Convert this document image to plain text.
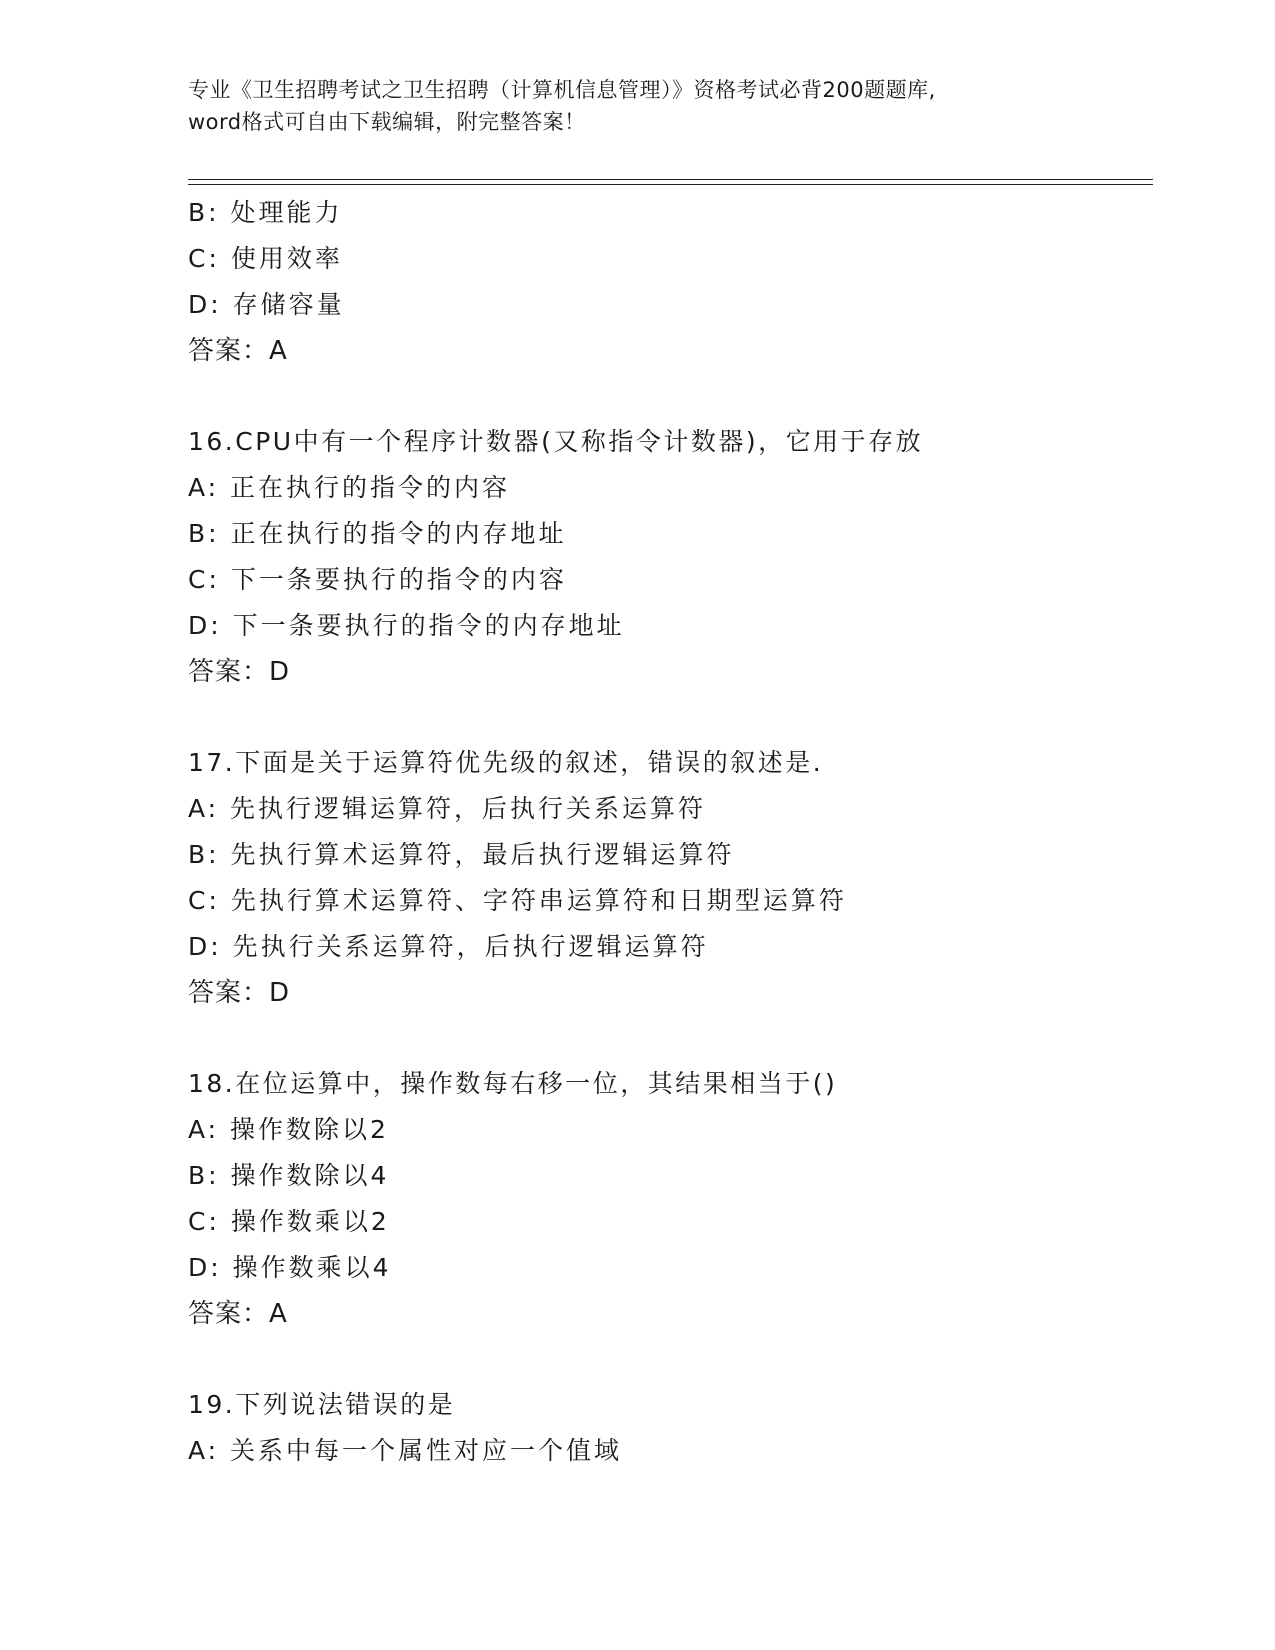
专业《卫生招聘考试之卫生招聘（计算机信息管理）》资格考试必背200题题库,
word格式可自由下载编辑，附完整答案！
B: 处理能力
C: 使用效率
D: 存储容量
答案：A
16.CPU中有一个程序计数器(又称指令计数器)，它用于存放
A: 正在执行的指令的内容
B: 正在执行的指令的内存地址
C: 下一条要执行的指令的内容
D: 下一条要执行的指令的内存地址
答案：D
17.下面是关于运算符优先级的叙述，错误的叙述是.
A: 先执行逻辑运算符，后执行关系运算符
B: 先执行算术运算符，最后执行逻辑运算符
C: 先执行算术运算符、字符串运算符和日期型运算符
D: 先执行关系运算符，后执行逻辑运算符
答案：D
18.在位运算中，操作数每右移一位，其结果相当于()
A: 操作数除以2
B: 操作数除以4
C: 操作数乘以2
D: 操作数乘以4
答案：A
19.下列说法错误的是
A: 关系中每一个属性对应一个值域
